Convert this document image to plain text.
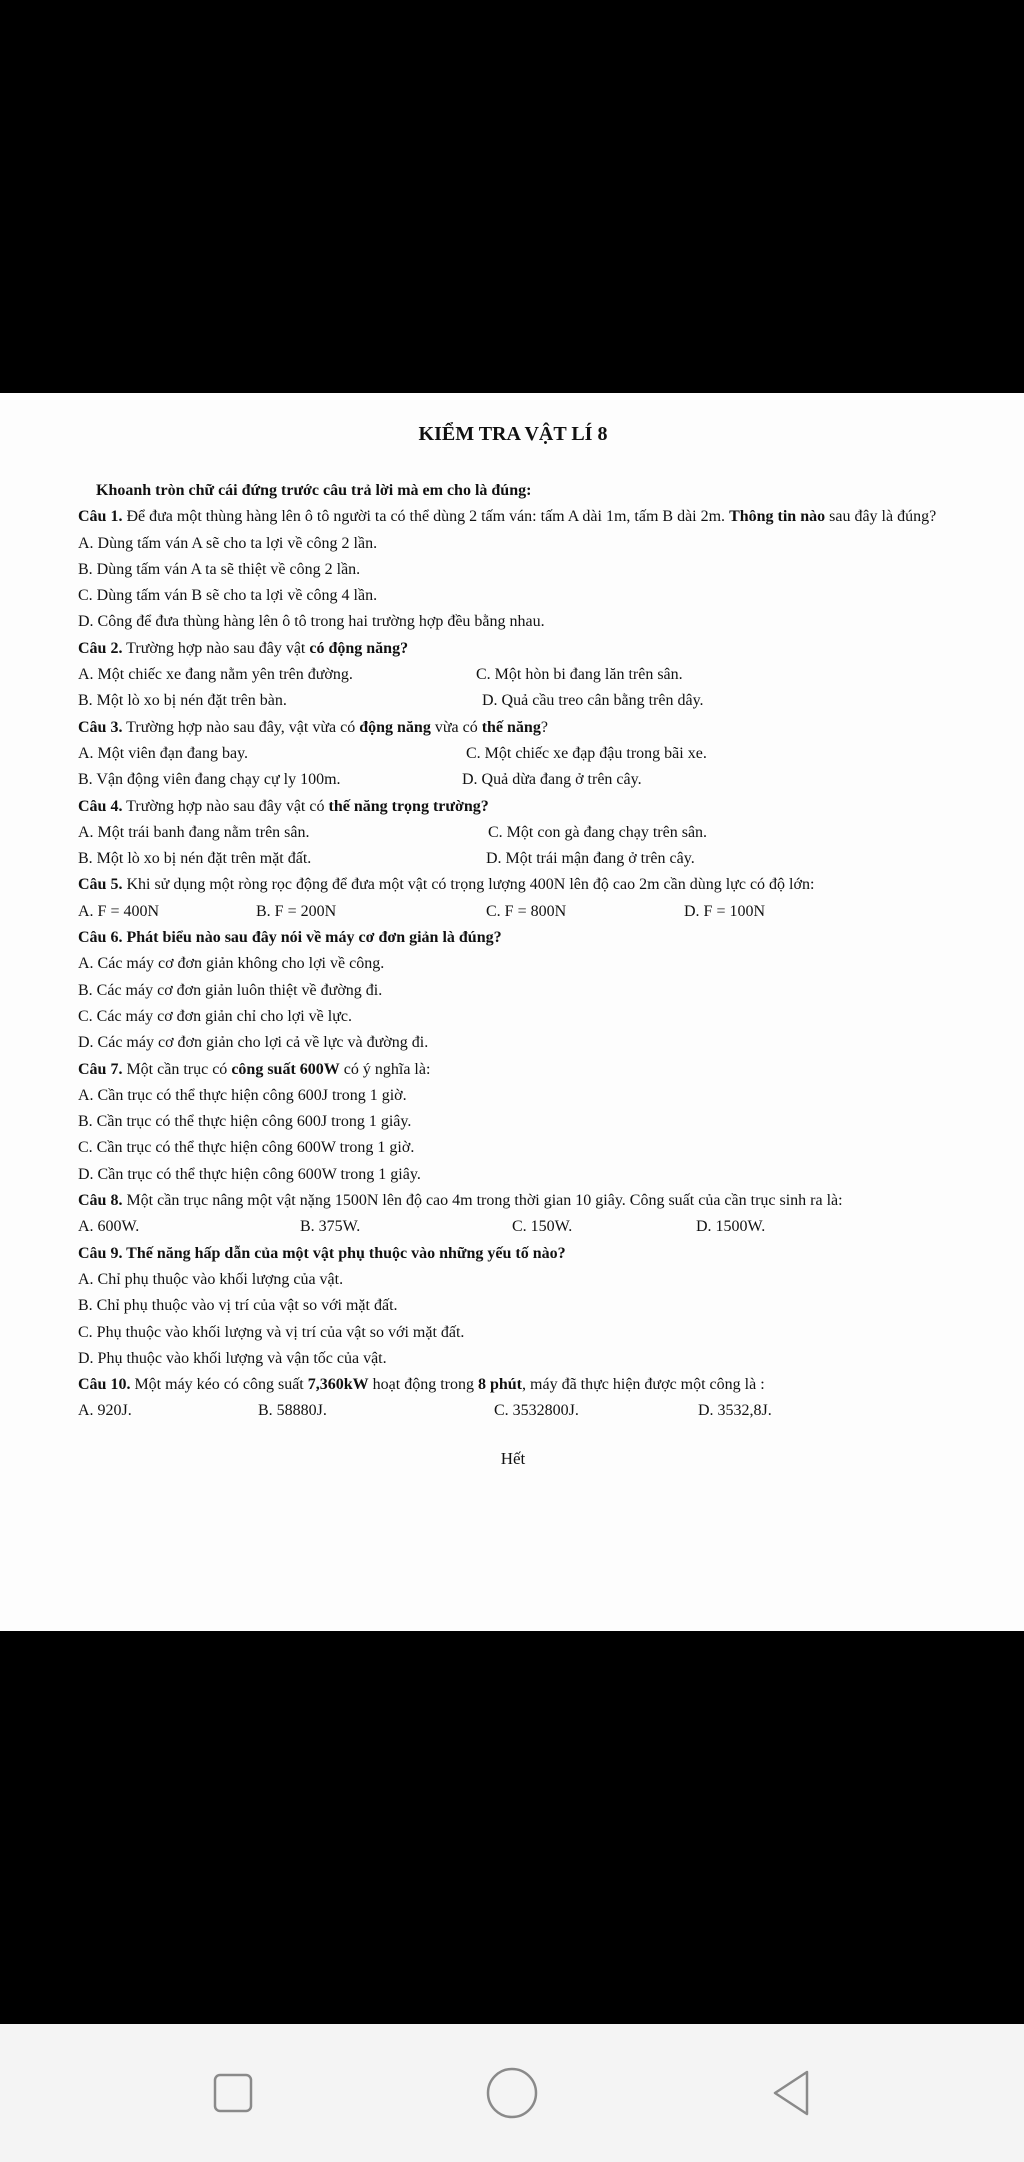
KIỂM TRA VẬT LÍ 8
Khoanh tròn chữ cái đứng trước câu trả lời mà em cho là đúng:
Câu 1. Để đưa một thùng hàng lên ô tô người ta có thể dùng 2 tấm ván: tấm A dài 1m, tấm B dài 2m. Thông tin nào sau đây là đúng?
A. Dùng tấm ván A sẽ cho ta lợi về công 2 lần.
B. Dùng tấm ván A ta sẽ thiệt về công 2 lần.
C. Dùng tấm ván B sẽ cho ta lợi về công 4 lần.
D. Công để đưa thùng hàng lên ô tô trong hai trường hợp đều bằng nhau.
Câu 2. Trường hợp nào sau đây vật có động năng?
A. Một chiếc xe đang nằm yên trên đường.	C. Một hòn bi đang lăn trên sân.
B. Một lò xo bị nén đặt trên bàn.	D. Quả cầu treo cân bằng trên dây.
Câu 3. Trường hợp nào sau đây, vật vừa có động năng vừa có thế năng?
A. Một viên đạn đang bay.	C. Một chiếc xe đạp đậu trong bãi xe.
B. Vận động viên đang chạy cự ly 100m.	D. Quả dừa đang ở trên cây.
Câu 4. Trường hợp nào sau đây vật có thế năng trọng trường?
A. Một trái banh đang nằm trên sân.	C. Một con gà đang chạy trên sân.
B. Một lò xo bị nén đặt trên mặt đất.	D. Một trái mận đang ở trên cây.
Câu 5. Khi sử dụng một ròng rọc động để đưa một vật có trọng lượng 400N lên độ cao 2m cần dùng lực có độ lớn:
A. F = 400N	B. F = 200N	C. F = 800N	D. F = 100N
Câu 6. Phát biểu nào sau đây nói về máy cơ đơn giản là đúng?
A. Các máy cơ đơn giản không cho lợi về công.
B. Các máy cơ đơn giản luôn thiệt về đường đi.
C. Các máy cơ đơn giản chỉ cho lợi về lực.
D. Các máy cơ đơn giản cho lợi cả về lực và đường đi.
Câu 7. Một cần trục có công suất 600W có ý nghĩa là:
A. Cần trục có thể thực hiện công 600J trong 1 giờ.
B. Cần trục có thể thực hiện công 600J trong 1 giây.
C. Cần trục có thể thực hiện công 600W trong 1 giờ.
D. Cần trục có thể thực hiện công 600W trong 1 giây.
Câu 8. Một cần trục nâng một vật nặng 1500N lên độ cao 4m trong thời gian 10 giây. Công suất của cần trục sinh ra là:
A. 600W.	B. 375W.	C. 150W.	D. 1500W.
Câu 9. Thế năng hấp dẫn của một vật phụ thuộc vào những yếu tố nào?
A. Chỉ phụ thuộc vào khối lượng của vật.
B. Chỉ phụ thuộc vào vị trí của vật so với mặt đất.
C. Phụ thuộc vào khối lượng và vị trí của vật so với mặt đất.
D. Phụ thuộc vào khối lượng và vận tốc của vật.
Câu 10. Một máy kéo có công suất 7,360kW hoạt động trong 8 phút, máy đã thực hiện được một công là :
A. 920J.	B. 58880J.	C. 3532800J.	D. 3532,8J.
Hết
